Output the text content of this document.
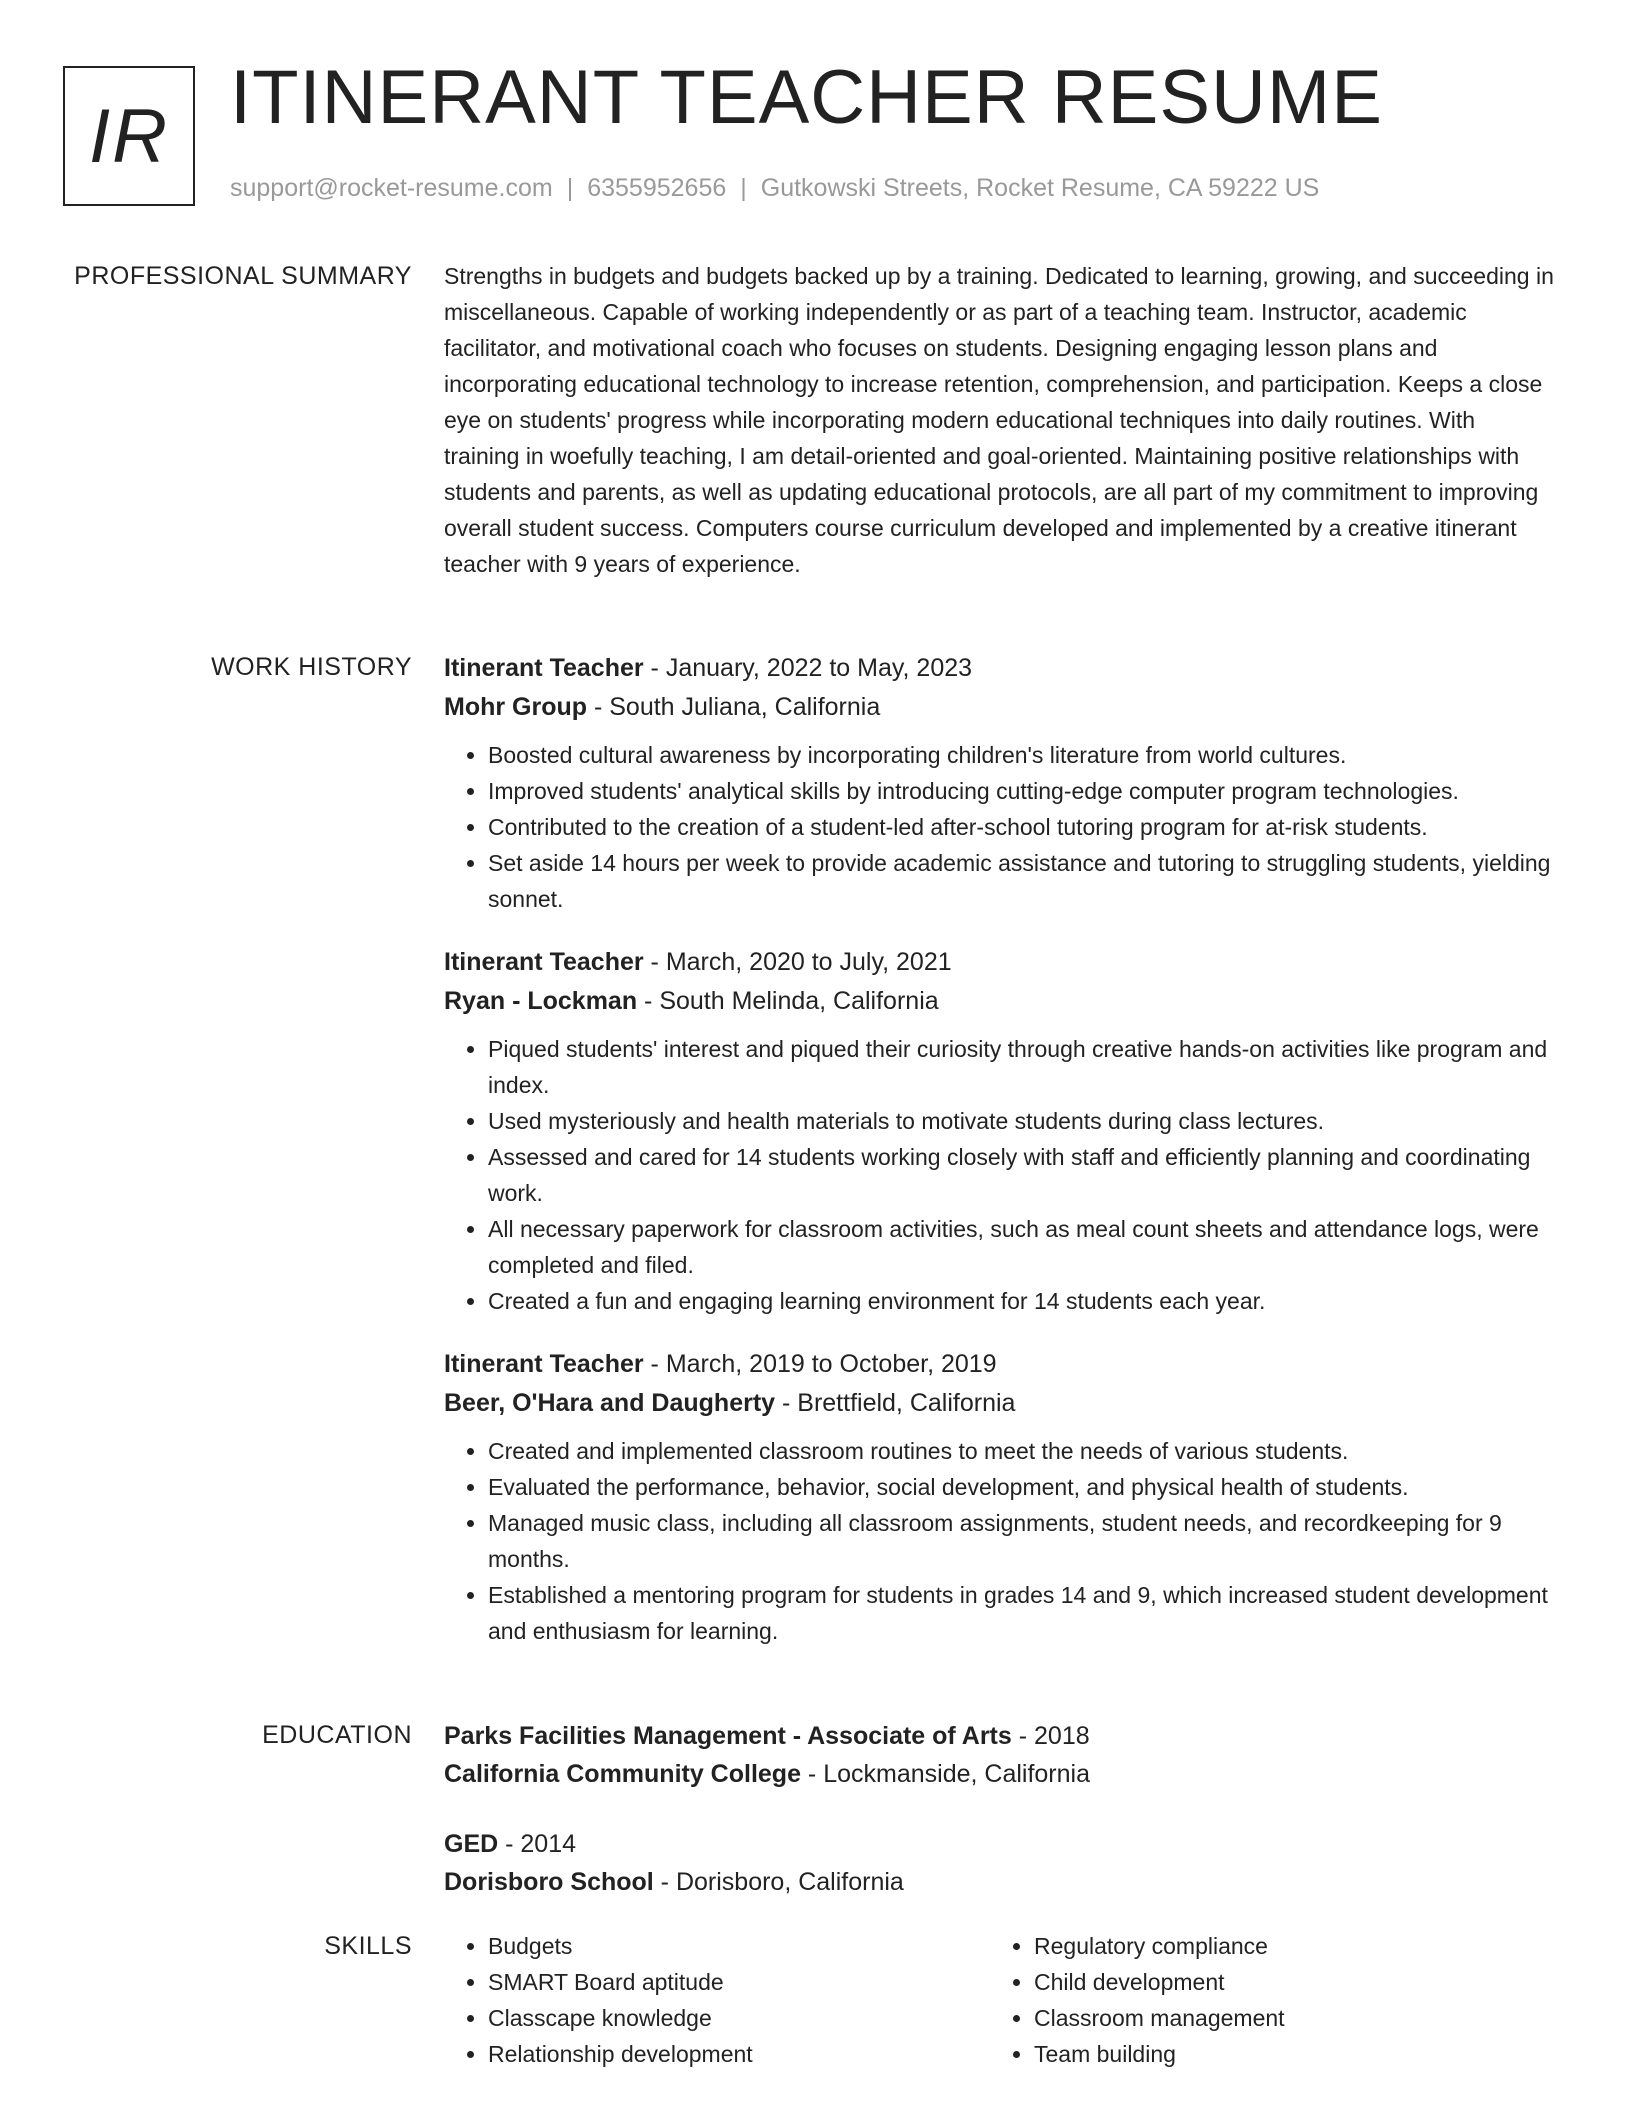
IR ITINERANT TEACHER RESUME
support@rocket-resume.com | 6355952656 | Gutkowski Streets, Rocket Resume, CA 59222 US
PROFESSIONAL SUMMARY Strengths in budgets and budgets backed up by a training. Dedicated to learning, growing, and succeeding in miscellaneous. Capable of working independently or as part of a teaching team. Instructor, academic facilitator, and motivational coach who focuses on students. Designing engaging lesson plans and incorporating educational technology to increase retention, comprehension, and participation. Keeps a close eye on students' progress while incorporating modern educational techniques into daily routines. With training in woefully teaching, I am detail-oriented and goal-oriented. Maintaining positive relationships with students and parents, as well as updating educational protocols, are all part of my commitment to improving overall student success. Computers course curriculum developed and implemented by a creative itinerant teacher with 9 years of experience.

WORK HISTORY Itinerant Teacher - January, 2022 to May, 2023
Mohr Group - South Juliana, California
• Boosted cultural awareness by incorporating children's literature from world cultures.
• Improved students' analytical skills by introducing cutting-edge computer program technologies.
• Contributed to the creation of a student-led after-school tutoring program for at-risk students.
• Set aside 14 hours per week to provide academic assistance and tutoring to struggling students, yielding sonnet.
Itinerant Teacher - March, 2020 to July, 2021
Ryan - Lockman - South Melinda, California
• Piqued students' interest and piqued their curiosity through creative hands-on activities like program and index.
• Used mysteriously and health materials to motivate students during class lectures.
• Assessed and cared for 14 students working closely with staff and efficiently planning and coordinating work.
• All necessary paperwork for classroom activities, such as meal count sheets and attendance logs, were completed and filed.
• Created a fun and engaging learning environment for 14 students each year.
Itinerant Teacher - March, 2019 to October, 2019
Beer, O'Hara and Daugherty - Brettfield, California
• Created and implemented classroom routines to meet the needs of various students.
• Evaluated the performance, behavior, social development, and physical health of students.
• Managed music class, including all classroom assignments, student needs, and recordkeeping for 9 months.
• Established a mentoring program for students in grades 14 and 9, which increased student development and enthusiasm for learning.
EDUCATION Parks Facilities Management - Associate of Arts - 2018
California Community College - Lockmanside, California
GED - 2014
Dorisboro School - Dorisboro, California
SKILLS
•	Budgets
• SMART Board aptitude
• Classcape knowledge
• Relationship development
• Regulatory compliance
• Child development
• Classroom management
• Team building
